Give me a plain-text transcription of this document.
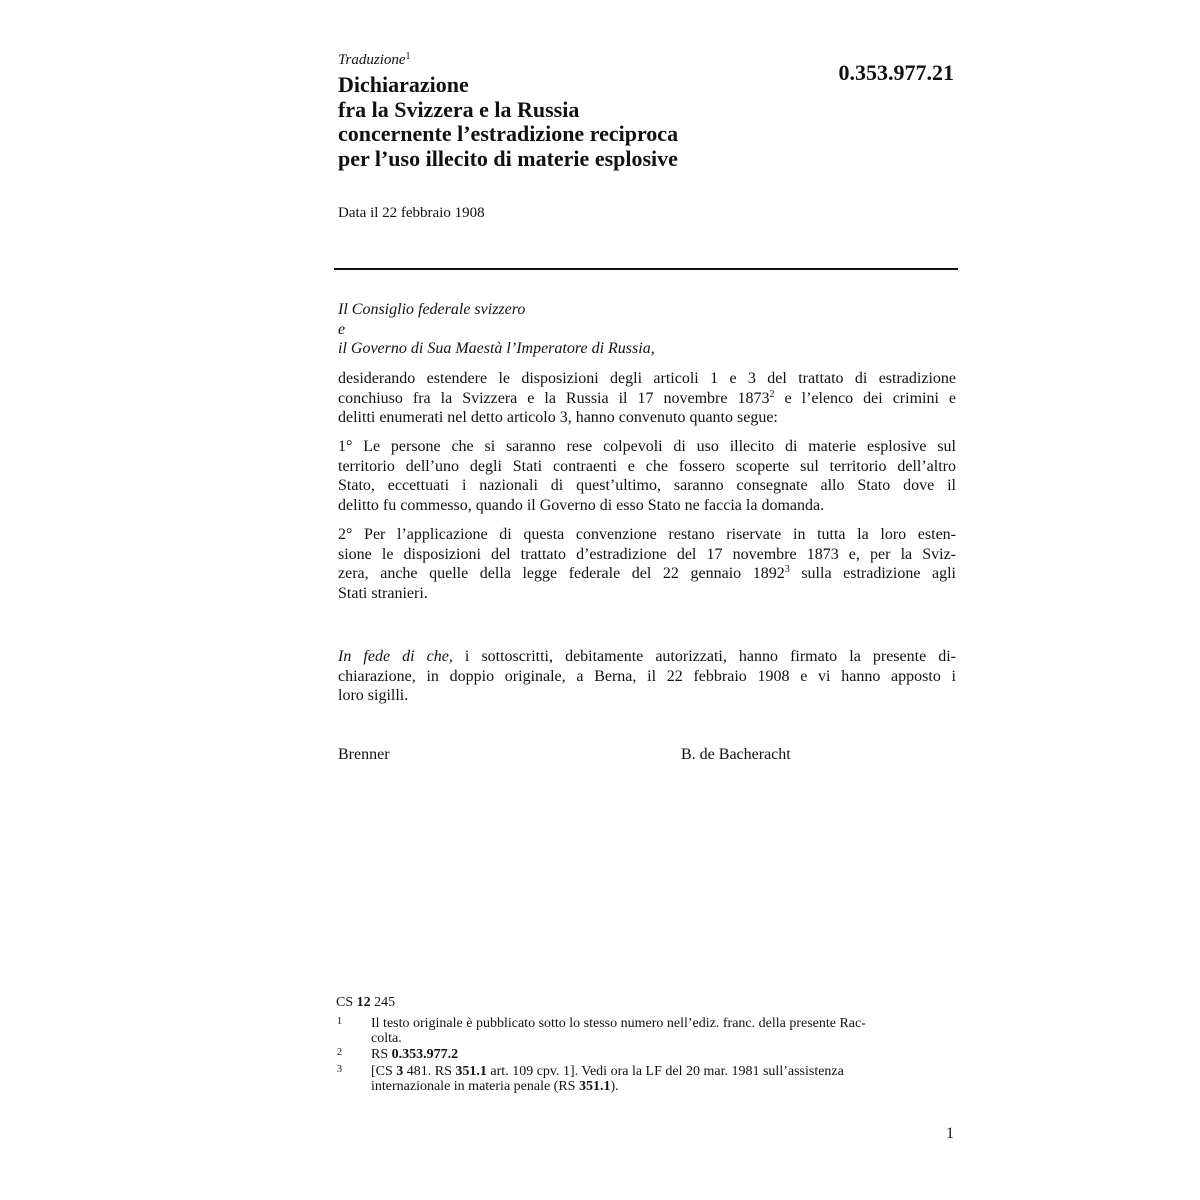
Traduzione$^1$
0.353.977.21
Dichiarazione
fra la Svizzera e la Russia
concernente l’estradizione reciproca
per l’uso illecito di materie esplosive
Data il 22 febbraio 1908
Il Consiglio federale svizzero
e
il Governo di Sua Maestà l’Imperatore di Russia,
desiderando estendere le disposizioni degli articoli 1 e 3 del trattato di estradizione
conchiuso fra la Svizzera e la Russia il 17 novembre 1873$^2$ e l’elenco dei crimini e
delitti enumerati nel detto articolo 3, hanno convenuto quanto segue:
1° Le persone che si saranno rese colpevoli di uso illecito di materie esplosive sul
territorio dell’uno degli Stati contraenti e che fossero scoperte sul territorio dell’altro
Stato, eccettuati i nazionali di quest’ultimo, saranno consegnate allo Stato dove il
delitto fu commesso, quando il Governo di esso Stato ne faccia la domanda.
2° Per l’applicazione di questa convenzione restano riservate in tutta la loro esten-
sione le disposizioni del trattato d’estradizione del 17 novembre 1873 e, per la Sviz-
zera, anche quelle della legge federale del 22 gennaio 1892$^3$ sulla estradizione agli
Stati stranieri.
In fede di che, i sottoscritti, debitamente autorizzati, hanno firmato la presente di-
chiarazione, in doppio originale, a Berna, il 22 febbraio 1908 e vi hanno apposto i
loro sigilli.
Brenner	B. de Bacheracht
CS 12 245
1 Il testo originale è pubblicato sotto lo stesso numero nell’ediz. franc. della presente Rac-
colta.
2 RS 0.353.977.2
3 [CS 3 481. RS 351.1 art. 109 cpv. 1]. Vedi ora la LF del 20 mar. 1981 sull’assistenza
internazionale in materia penale (RS 351.1).
1
